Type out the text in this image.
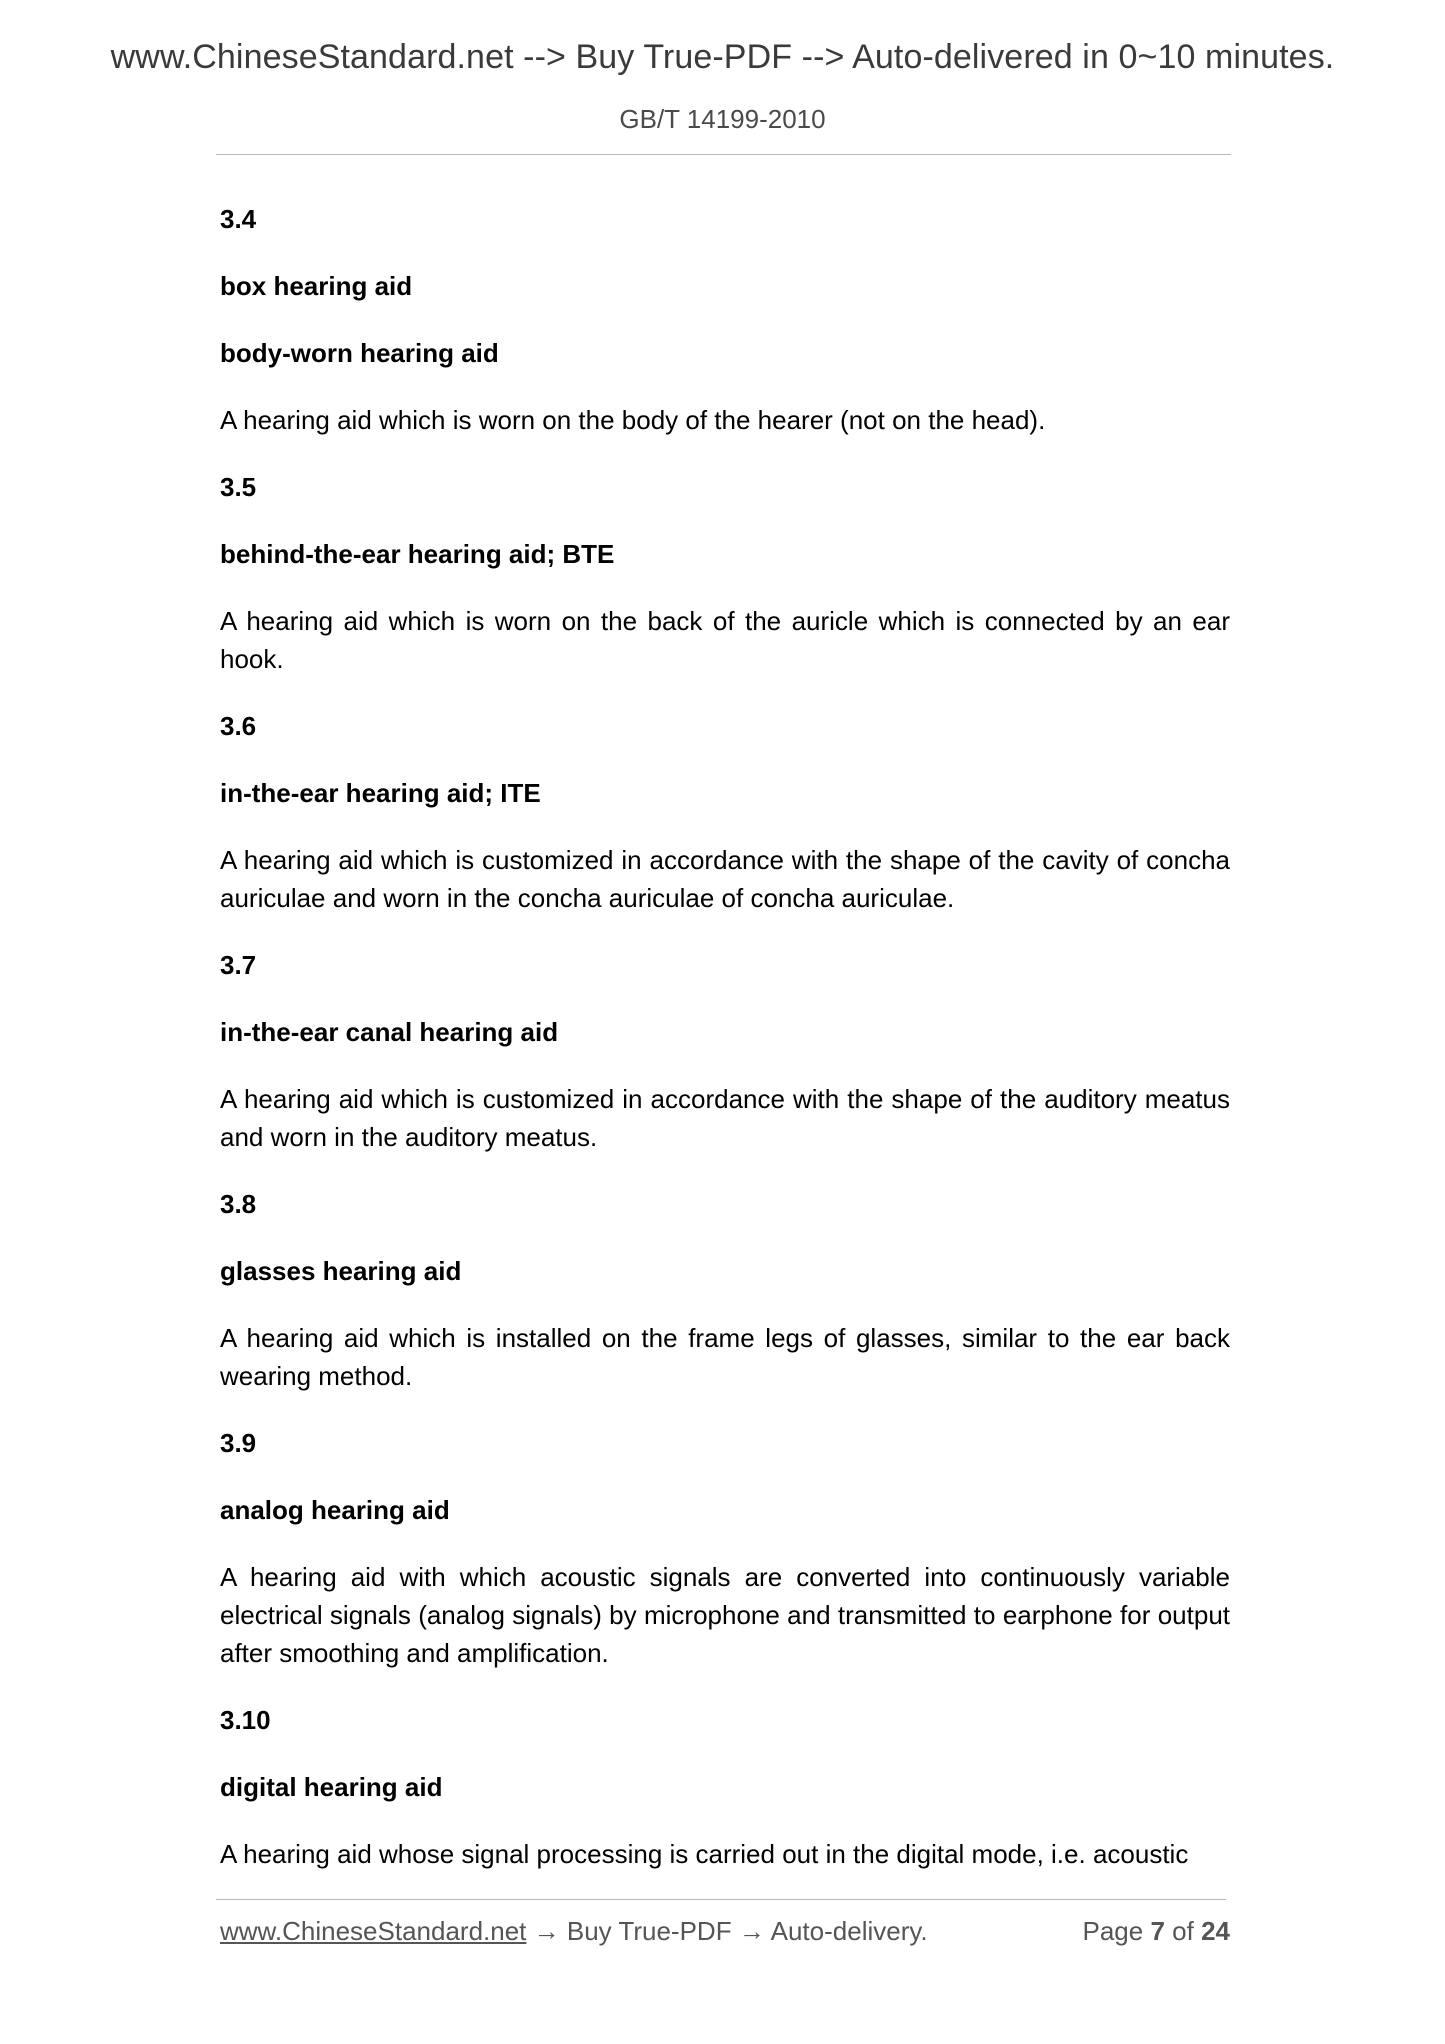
www.ChineseStandard.net --> Buy True-PDF --> Auto-delivered in 0~10 minutes.
GB/T 14199-2010
3.4
box hearing aid
body-worn hearing aid
A hearing aid which is worn on the body of the hearer (not on the head).
3.5
behind-the-ear hearing aid; BTE
A hearing aid which is worn on the back of the auricle which is connected by an ear hook.
3.6
in-the-ear hearing aid; ITE
A hearing aid which is customized in accordance with the shape of the cavity of concha auriculae and worn in the concha auriculae of concha auriculae.
3.7
in-the-ear canal hearing aid
A hearing aid which is customized in accordance with the shape of the auditory meatus and worn in the auditory meatus.
3.8
glasses hearing aid
A hearing aid which is installed on the frame legs of glasses, similar to the ear back wearing method.
3.9
analog hearing aid
A hearing aid with which acoustic signals are converted into continuously variable electrical signals (analog signals) by microphone and transmitted to earphone for output after smoothing and amplification.
3.10
digital hearing aid
A hearing aid whose signal processing is carried out in the digital mode, i.e. acoustic
www.ChineseStandard.net → Buy True-PDF → Auto-delivery.	Page 7 of 24
